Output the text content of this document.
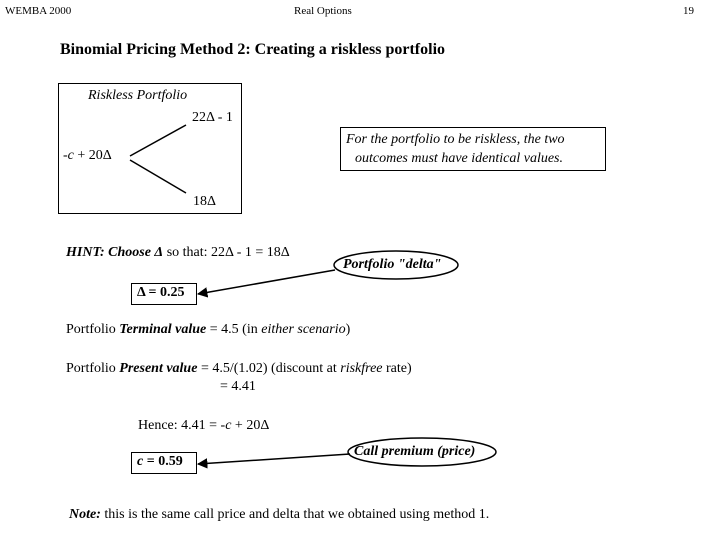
WEMBA 2000	Real Options	19
Binomial Pricing Method 2: Creating a riskless portfolio
Riskless Portfolio
22Δ - 1
-c + 20Δ
18Δ
For the portfolio to be riskless, the two
outcomes must have identical values.
HINT: Choose Δ so that: 22Δ - 1 = 18Δ
Portfolio "delta"
Δ = 0.25
Portfolio Terminal value = 4.5 (in either scenario)
Portfolio Present value = 4.5/(1.02) (discount at riskfree rate)
= 4.41
Hence: 4.41 = -c + 20Δ
Call premium (price)
c = 0.59
Note: this is the same call price and delta that we obtained using method 1.
